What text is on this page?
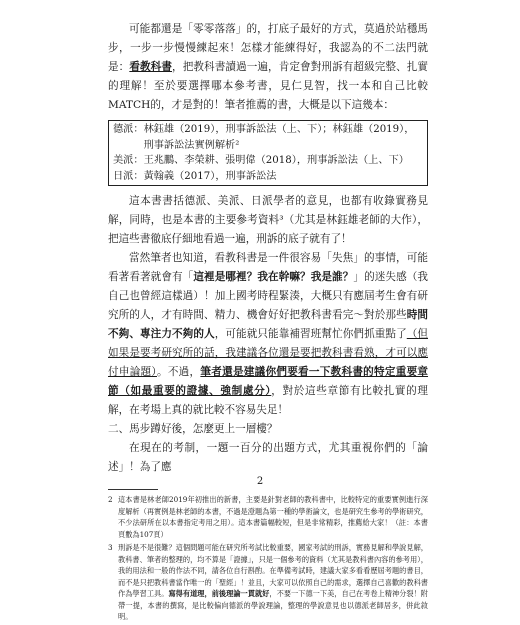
可能都還是「零零落落」的，打底子最好的方式，莫過於站穩馬步，一步一步慢慢練起來！怎樣才能練得好，我認為的不二法門就是：看教科書，把教科書讀過一遍，肯定會對刑訴有超級完整、扎實的理解！至於要選擇哪本參考書，見仁見智，找一本和自己比較MATCH的，才是對的！筆者推薦的書，大概是以下這幾本：

德派： 林鈺雄（2019），刑事訴訟法（上、下）；林鈺雄（2019），刑事訴訟法實例解析²
美派： 王兆鵬、李榮耕、張明偉（2018），刑事訴訟法（上、下）
日派： 黃翰義（2017），刑事訴訟法

這本書書括德派、美派、日派學者的意見，也都有收錄實務見解，同時，也是本書的主要參考資料³（尤其是林鈺雄老師的大作），把這些書徹底仔細地看過一遍，刑訴的底子就有了！

當然筆者也知道，看教科書是一件很容易「失焦」的事情，可能看著看著就會有「這裡是哪裡？我在幹嘛？我是誰？」的迷失感（我自己也曾經這樣過）！加上國考時程緊湊，大概只有應屆考生會有研究所的人，才有時間、精力、機會好好把教科書看完～對於那些時間不夠、專注力不夠的人，可能就只能靠補習班幫忙你們抓重點了（但如果是要考研究所的話，我建議各位還是要把教科書看熟，才可以應付申論題）。不過，筆者還是建議你們要看一下教科書的特定重要章節（如最重要的證據、強制處分），對於這些章節有比較扎實的理解，在考場上真的就比較不容易失足！

二、馬步蹲好後，怎麼更上一層樓？

在現在的考制，一題一百分的出題方式，尤其重視你們的「論述」！為了應

2 這本書是林老師2019年初推出的新書，主要是針對老師的教科書中，比較特定的重要實例進行深度解析（再實例是林老師的本書，不過是澄題為第一種的學術論文，也是研究生參考的學術研究，不少法研所在以本書指定考用之用）。這本書篇幅較短，但是非常精彩，推薦給大家！（註：本書頁數為107頁）
3 刑訴是不是很難？這個問題可能在研究所考試比較重要，國家考試的刑訴，實務見解和學說見解，教科書、筆者的整理的，均不算是「證據」，只是一個參考的資料（尤其是教科書內容的參考用），我的用法和一般的作法不同，請各位自行斟酌。在準備考試時，建議大家多看看歷屆考題的書目，而不是只把教科書當作唯一的「聖經」！並且，大家可以依照自己的需求，選擇自己喜歡的教科書作為學習工具。寫得有道理，前後理論一貫就好，不要一下德一下美，自己在考卷上精神分裂！附帶一提，本書的撰寫，是比較偏向德派的學說理論，整理的學說意見也以德派老師居多，併此敘明。
2
